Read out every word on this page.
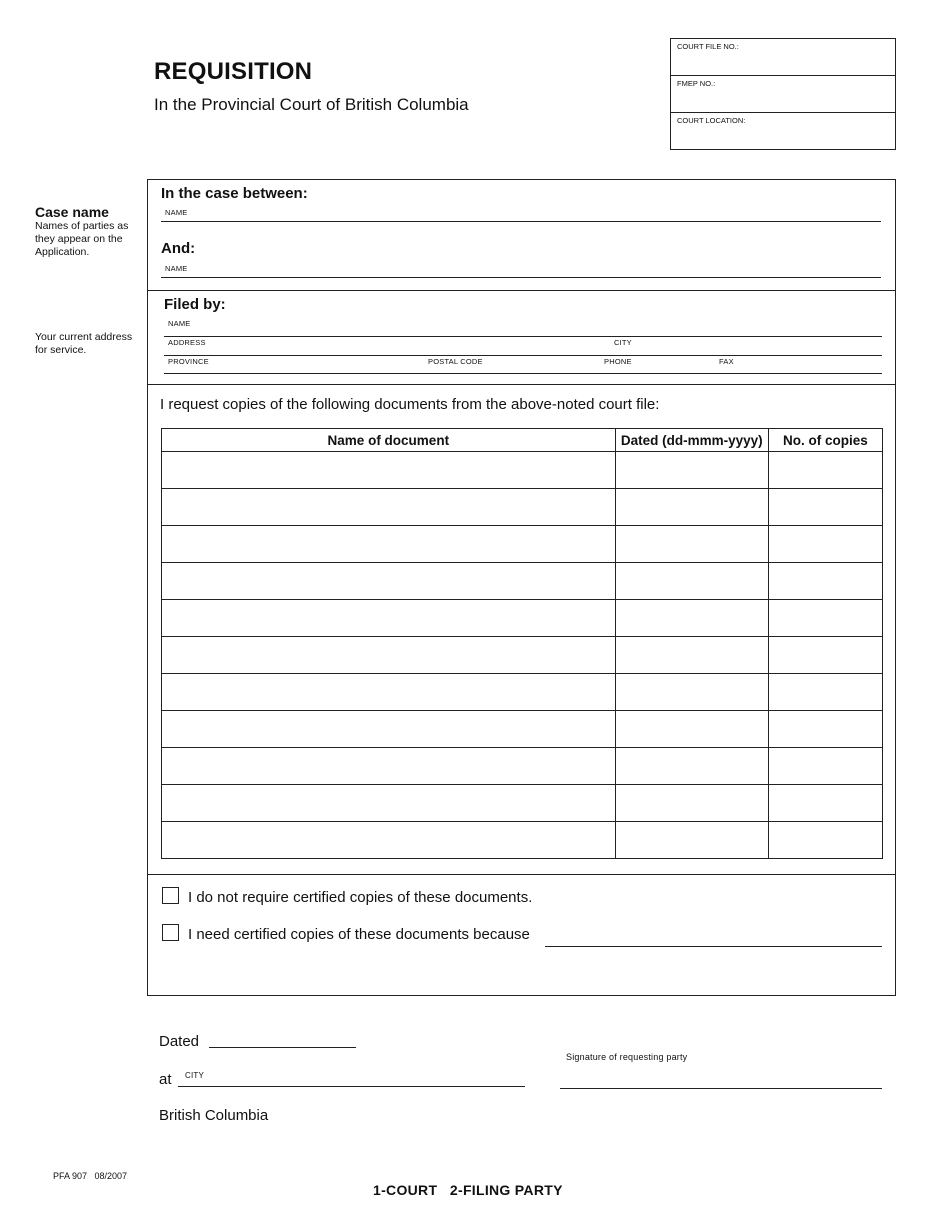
REQUISITION
In the Provincial Court of British Columbia
COURT FILE NO.:
FMEP NO.:
COURT LOCATION:
Case name
Names of parties as they appear on the Application.
Your current address for service.
In the case between:
NAME
And:
NAME
Filed by:
NAME
ADDRESS	CITY
PROVINCE	POSTAL CODE	PHONE	FAX
I request copies of the following documents from the above-noted court file:
Name of document	Dated (dd-mmm-yyyy)	No. of copies

I do not require certified copies of these documents.
I need certified copies of these documents because
Dated
at CITY
British Columbia
Signature of requesting party
PFA 907   08/2007
1-COURT   2-FILING PARTY
